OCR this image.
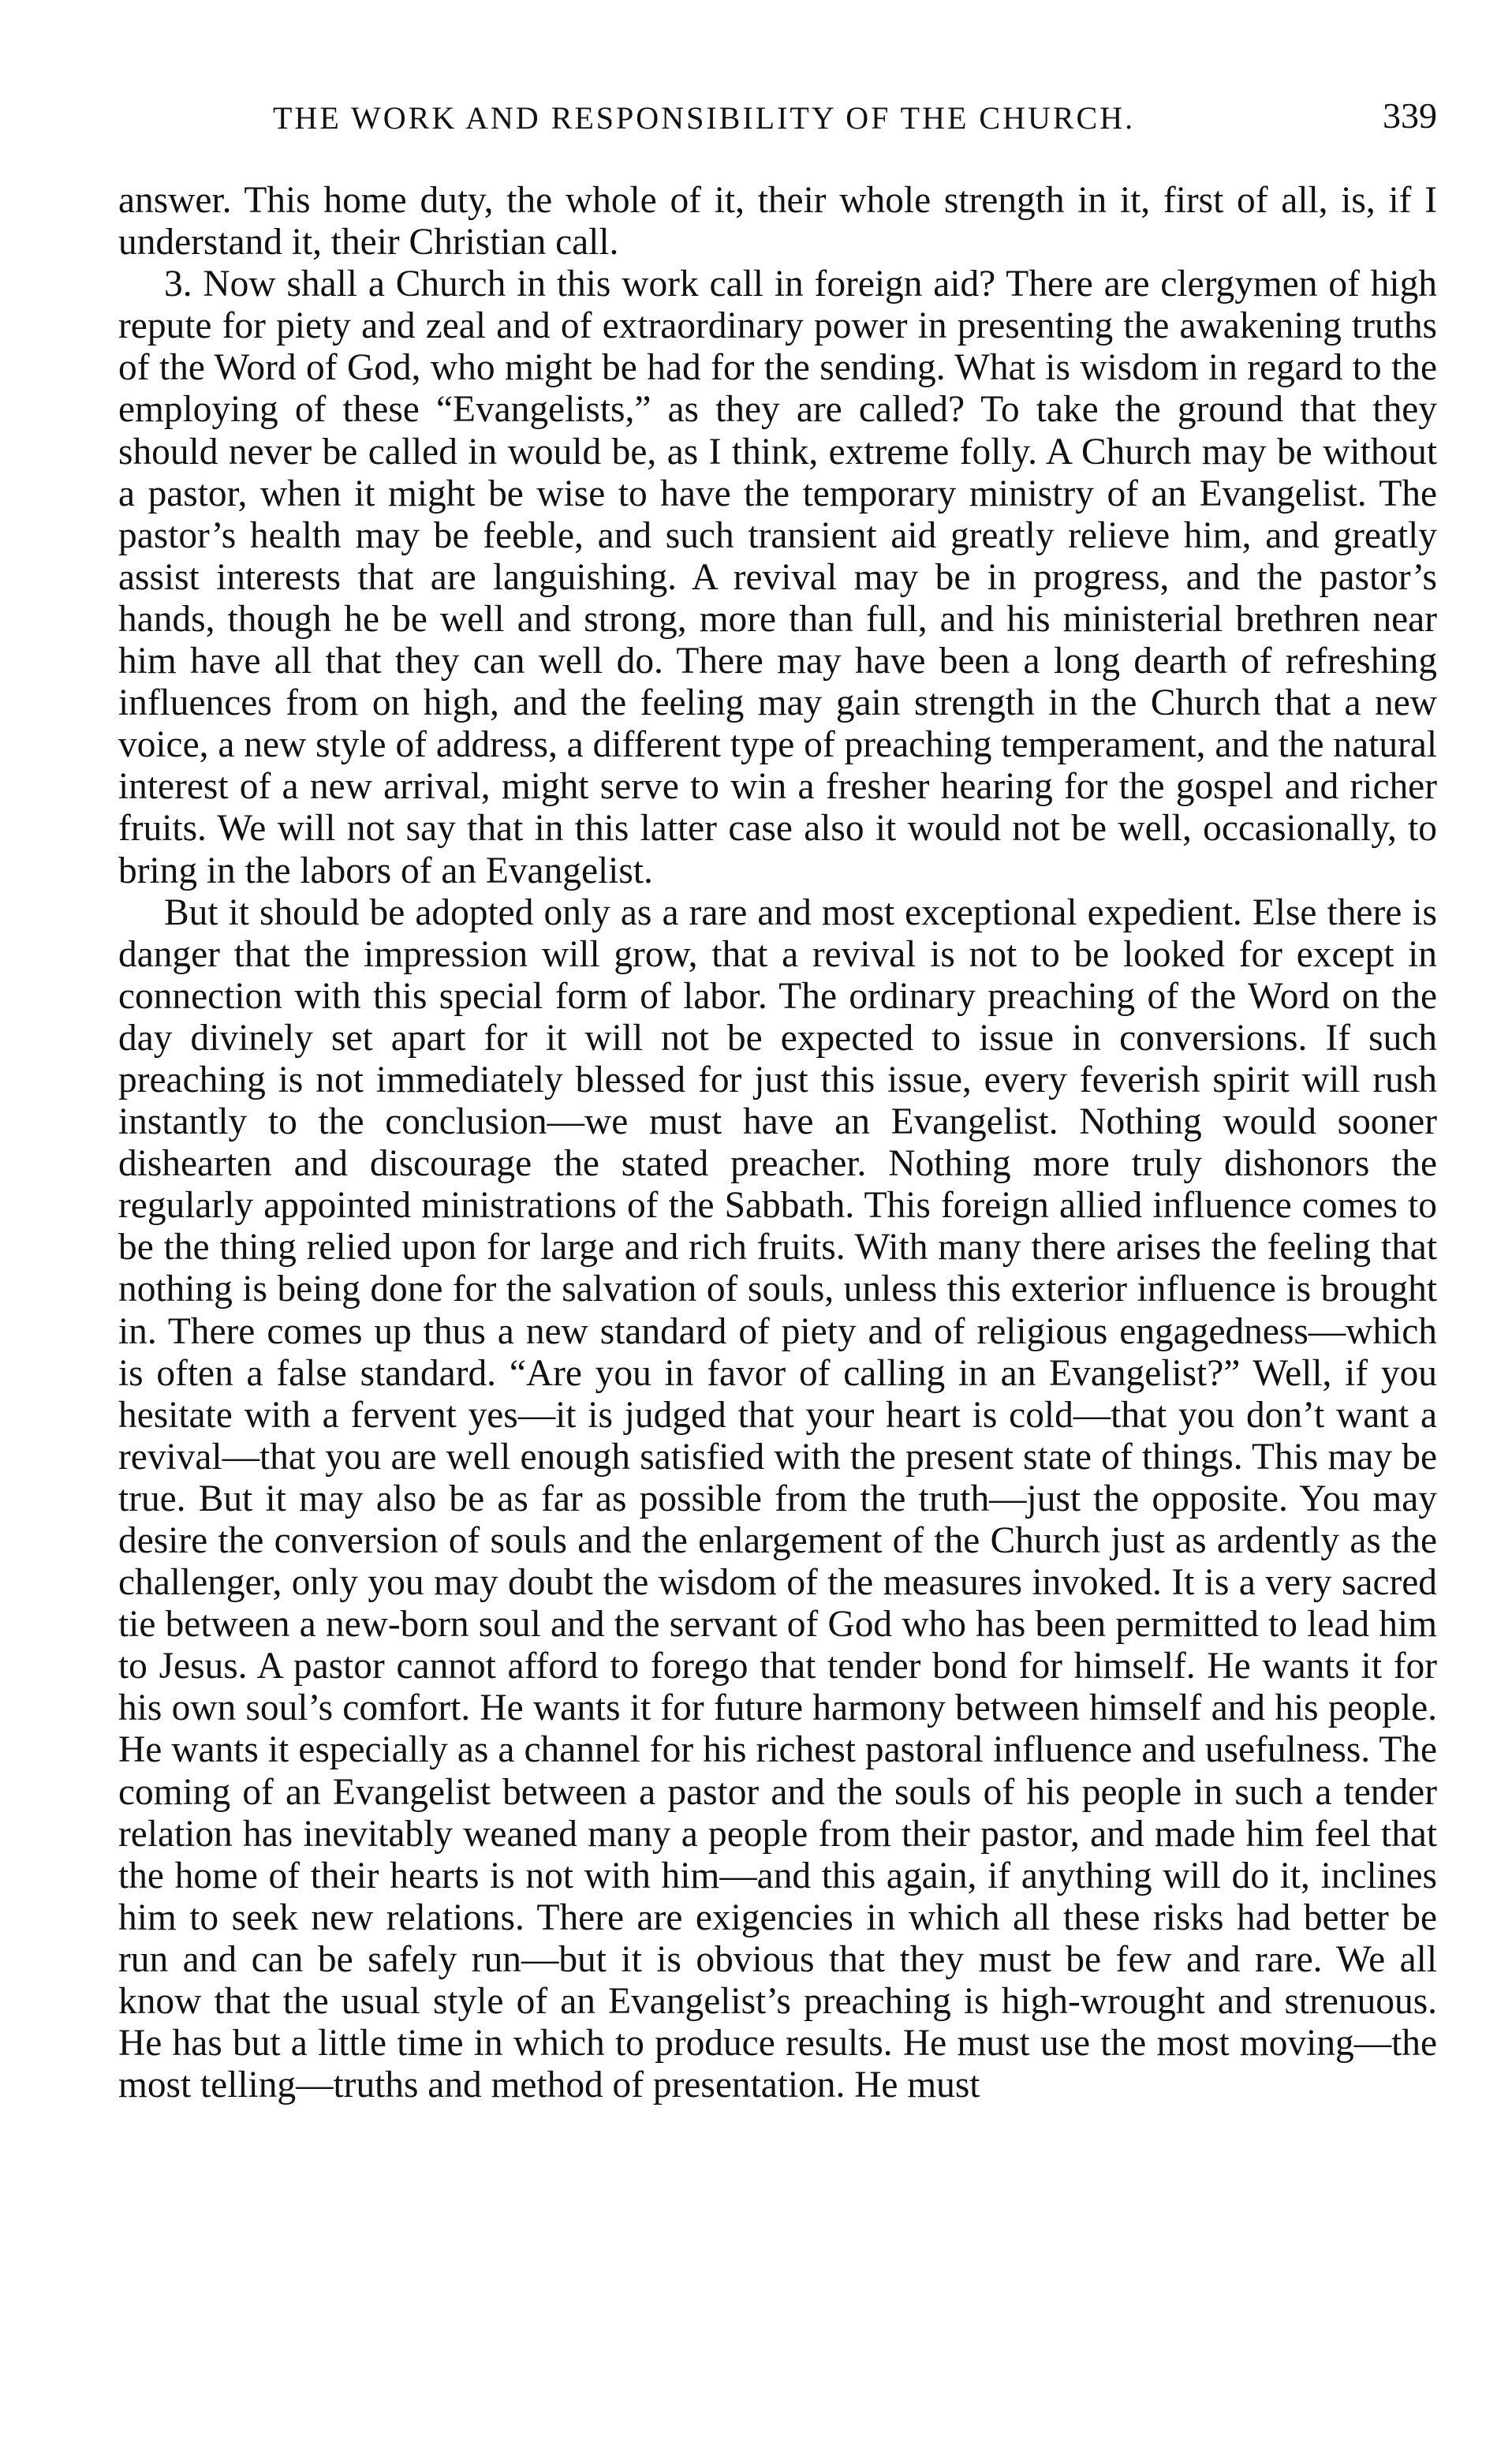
THE WORK AND RESPONSIBILITY OF THE CHURCH.	339

answer. This home duty, the whole of it, their whole strength in it, first of all, is, if I understand it, their Christian call.

3. Now shall a Church in this work call in foreign aid? There are clergymen of high repute for piety and zeal and of extraordinary power in presenting the awakening truths of the Word of God, who might be had for the sending. What is wisdom in regard to the employing of these “Evangelists,” as they are called? To take the ground that they should never be called in would be, as I think, extreme folly. A Church may be without a pastor, when it might be wise to have the temporary ministry of an Evangelist. The pastor’s health may be feeble, and such transient aid greatly relieve him, and greatly assist interests that are languishing. A revival may be in progress, and the pastor’s hands, though he be well and strong, more than full, and his ministerial brethren near him have all that they can well do. There may have been a long dearth of refreshing influences from on high, and the feeling may gain strength in the Church that a new voice, a new style of address, a different type of preaching temperament, and the natural interest of a new arrival, might serve to win a fresher hearing for the gospel and richer fruits. We will not say that in this latter case also it would not be well, occasionally, to bring in the labors of an Evangelist.

But it should be adopted only as a rare and most exceptional expedient. Else there is danger that the impression will grow, that a revival is not to be looked for except in connection with this special form of labor. The ordinary preaching of the Word on the day divinely set apart for it will not be expected to issue in conversions. If such preaching is not immediately blessed for just this issue, every feverish spirit will rush instantly to the conclusion—we must have an Evangelist. Nothing would sooner dishearten and discourage the stated preacher. Nothing more truly dishonors the regularly appointed ministrations of the Sabbath. This foreign allied influence comes to be the thing relied upon for large and rich fruits. With many there arises the feeling that nothing is being done for the salvation of souls, unless this exterior influence is brought in. There comes up thus a new standard of piety and of religious engagedness—which is often a false standard. “Are you in favor of calling in an Evangelist?” Well, if you hesitate with a fervent yes—it is judged that your heart is cold—that you don’t want a revival—that you are well enough satisfied with the present state of things. This may be true. But it may also be as far as possible from the truth—just the opposite. You may desire the conversion of souls and the enlargement of the Church just as ardently as the challenger, only you may doubt the wisdom of the measures invoked. It is a very sacred tie between a new-born soul and the servant of God who has been permitted to lead him to Jesus. A pastor cannot afford to forego that tender bond for himself. He wants it for his own soul’s comfort. He wants it for future harmony between himself and his people. He wants it especially as a channel for his richest pastoral influence and usefulness. The coming of an Evangelist between a pastor and the souls of his people in such a tender relation has inevitably weaned many a people from their pastor, and made him feel that the home of their hearts is not with him—and this again, if anything will do it, inclines him to seek new relations. There are exigencies in which all these risks had better be run and can be safely run—but it is obvious that they must be few and rare. We all know that the usual style of an Evangelist’s preaching is high-wrought and strenuous. He has but a little time in which to produce results. He must use the most moving—the most telling—truths and method of presentation. He must
